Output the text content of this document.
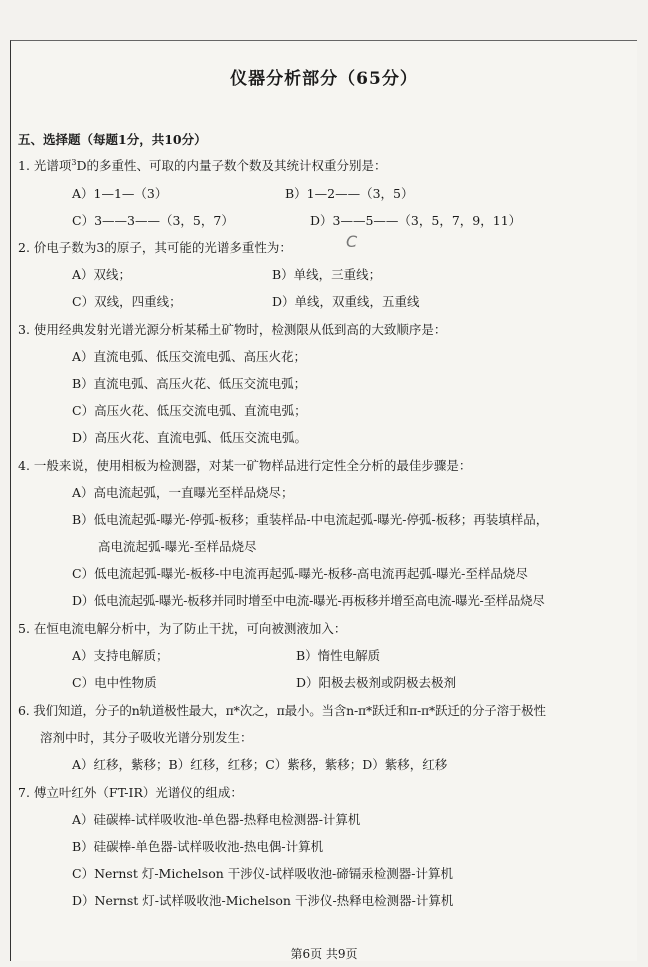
仪器分析部分（65分）
五、选择题（每题1分，共10分）
1. 光谱项$^3$D的多重性、可取的内量子数个数及其统计权重分别是：
A）1—1—（3）	B）1—2——（3，5）
C）3——3——（3，5，7）	D）3——5——（3，5，7，9，11）
2. 价电子数为3的原子，其可能的光谱多重性为：	C
A）双线；	B）单线，三重线；
C）双线，四重线；	D）单线，双重线，五重线
3. 使用经典发射光谱光源分析某稀土矿物时，检测限从低到高的大致顺序是：
A）直流电弧、低压交流电弧、高压火花；
B）直流电弧、高压火花、低压交流电弧；
C）高压火花、低压交流电弧、直流电弧；
D）高压火花、直流电弧、低压交流电弧。
4. 一般来说，使用相板为检测器，对某一矿物样品进行定性全分析的最佳步骤是：
A）高电流起弧，一直曝光至样品烧尽；
B）低电流起弧-曝光-停弧-板移；重装样品-中电流起弧-曝光-停弧-板移；再装填样品，
高电流起弧-曝光-至样品烧尽
C）低电流起弧-曝光-板移-中电流再起弧-曝光-板移-高电流再起弧-曝光-至样品烧尽
D）低电流起弧-曝光-板移并同时增至中电流-曝光-再板移并增至高电流-曝光-至样品烧尽
5. 在恒电流电解分析中，为了防止干扰，可向被测液加入：
A）支持电解质；	B）惰性电解质
C）电中性物质	D）阳极去极剂或阴极去极剂
6. 我们知道，分子的n轨道极性最大，π*次之，π最小。当含n-π*跃迁和π-π*跃迁的分子溶于极性
溶剂中时，其分子吸收光谱分别发生：
A）红移，紫移；B）红移，红移；C）紫移，紫移；D）紫移，红移
7. 傅立叶红外（FT-IR）光谱仪的组成：
A）硅碳棒-试样吸收池-单色器-热释电检测器-计算机
B）硅碳棒-单色器-试样吸收池-热电偶-计算机
C）Nernst 灯-Michelson 干涉仪-试样吸收池-碲镉汞检测器-计算机
D）Nernst 灯-试样吸收池-Michelson 干涉仪-热释电检测器-计算机
第6页 共9页
